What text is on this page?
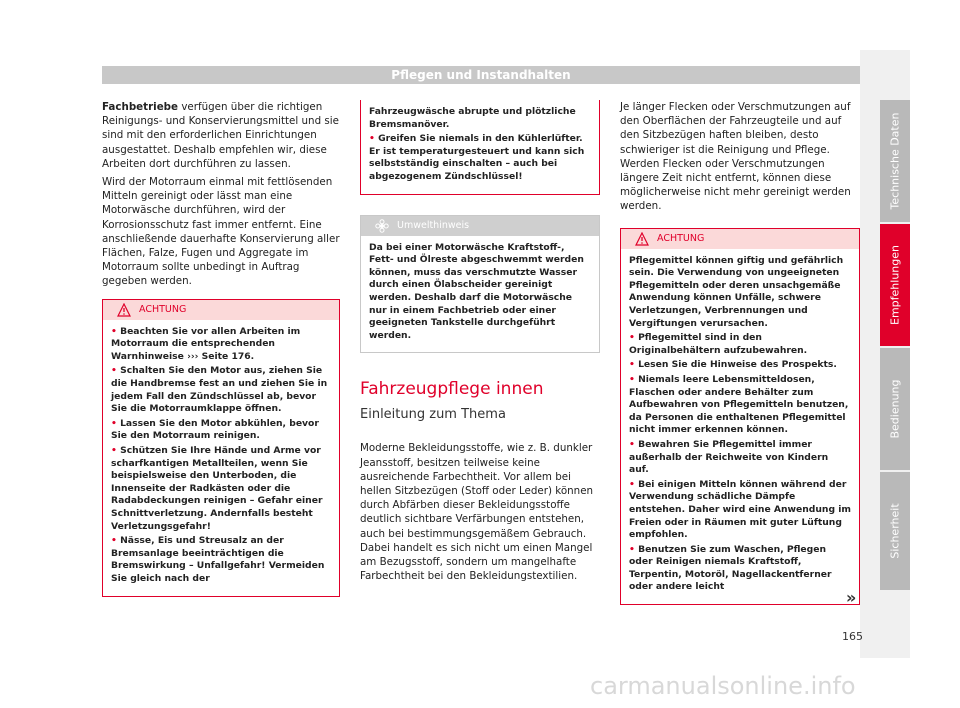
Pflegen und Instandhalten

Fachbetriebe verfügen über die richtigen Reinigungs- und Konservierungsmittel und sie sind mit den erforderlichen Einrichtungen ausgestattet. Deshalb empfehlen wir, diese Arbeiten dort durchführen zu lassen.

Wird der Motorraum einmal mit fettlösenden Mitteln gereinigt oder lässt man eine Motorwäsche durchführen, wird der Korrosionsschutz fast immer entfernt. Eine anschließende dauerhafte Konservierung aller Flächen, Falze, Fugen und Aggregate im Motorraum sollte unbedingt in Auftrag gegeben werden.

ACHTUNG

• Beachten Sie vor allen Arbeiten im Motorraum die entsprechenden Warnhinweise ››› Seite 176.

• Schalten Sie den Motor aus, ziehen Sie die Handbremse fest an und ziehen Sie in jedem Fall den Zündschlüssel ab, bevor Sie die Motorraumklappe öffnen.

• Lassen Sie den Motor abkühlen, bevor Sie den Motorraum reinigen.

• Schützen Sie Ihre Hände und Arme vor scharfkantigen Metallteilen, wenn Sie beispielsweise den Unterboden, die Innenseite der Radkästen oder die Radabdeckungen reinigen – Gefahr einer Schnittverletzung. Andernfalls besteht Verletzungsgefahr!

• Nässe, Eis und Streusalz an der Bremsanlage beeinträchtigen die Bremswirkung – Unfallgefahr! Vermeiden Sie gleich nach der

Fahrzeugwäsche abrupte und plötzliche Bremsmanöver.

• Greifen Sie niemals in den Kühlerlüfter. Er ist temperaturgesteuert und kann sich selbstständig einschalten – auch bei abgezogenem Zündschlüssel!

Umwelthinweis

Da bei einer Motorwäsche Kraftstoff-, Fett- und Ölreste abgeschwemmt werden können, muss das verschmutzte Wasser durch einen Ölabscheider gereinigt werden. Deshalb darf die Motorwäsche nur in einem Fachbetrieb oder einer geeigneten Tankstelle durchgeführt werden.

Fahrzeugpflege innen
Einleitung zum Thema

Moderne Bekleidungsstoffe, wie z. B. dunkler Jeansstoff, besitzen teilweise keine ausreichende Farbechtheit. Vor allem bei hellen Sitzbezügen (Stoff oder Leder) können durch Abfärben dieser Bekleidungsstoffe deutlich sichtbare Verfärbungen entstehen, auch bei bestimmungsgemäßem Gebrauch. Dabei handelt es sich nicht um einen Mangel am Bezugsstoff, sondern um mangelhafte Farbechtheit bei den Bekleidungstextilien.

Je länger Flecken oder Verschmutzungen auf den Oberflächen der Fahrzeugteile und auf den Sitzbezügen haften bleiben, desto schwieriger ist die Reinigung und Pflege. Werden Flecken oder Verschmutzungen längere Zeit nicht entfernt, können diese möglicherweise nicht mehr gereinigt werden werden.

ACHTUNG

Pflegemittel können giftig und gefährlich sein. Die Verwendung von ungeeigneten Pflegemitteln oder deren unsachgemäße Anwendung können Unfälle, schwere Verletzungen, Verbrennungen und Vergiftungen verursachen.

• Pflegemittel sind in den Originalbehältern aufzubewahren.

• Lesen Sie die Hinweise des Prospekts.

• Niemals leere Lebensmitteldosen, Flaschen oder andere Behälter zum Aufbewahren von Pflegemitteln benutzen, da Personen die enthaltenen Pflegemittel nicht immer erkennen können.

• Bewahren Sie Pflegemittel immer außerhalb der Reichweite von Kindern auf.

• Bei einigen Mitteln können während der Verwendung schädliche Dämpfe entstehen. Daher wird eine Anwendung im Freien oder in Räumen mit guter Lüftung empfohlen.

• Benutzen Sie zum Waschen, Pflegen oder Reinigen niemals Kraftstoff, Terpentin, Motoröl, Nagellackentferner oder andere leicht

»
Technische Daten
Empfehlungen
Bedienung
Sicherheit
165
carmanualsonline.info
